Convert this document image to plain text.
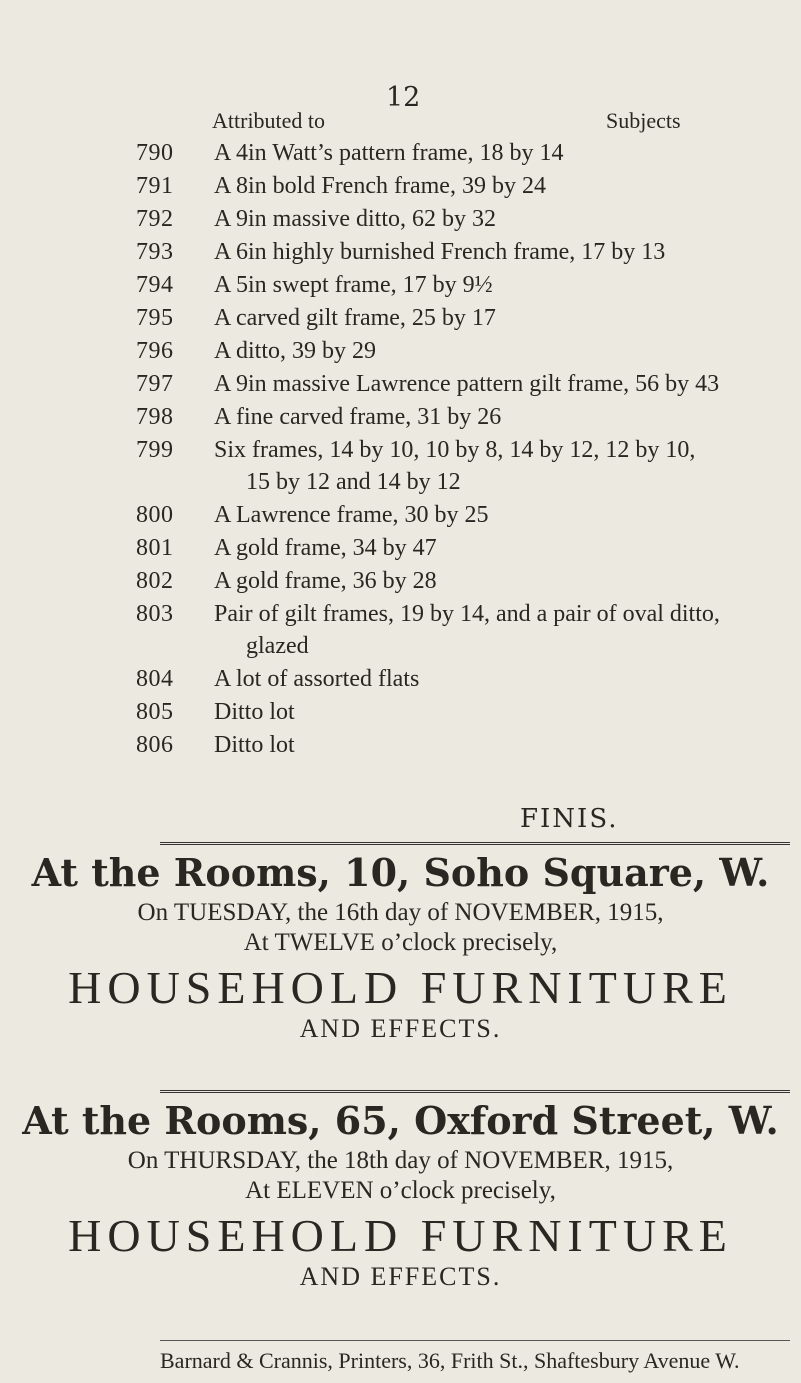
12
Attributed to	Subjects
790	A 4in Watt’s pattern frame, 18 by 14
791	A 8in bold French frame, 39 by 24
792	A 9in massive ditto, 62 by 32
793	A 6in highly burnished French frame, 17 by 13
794	A 5in swept frame, 17 by 9½
795	A carved gilt frame, 25 by 17
796	A ditto, 39 by 29
797	A 9in massive Lawrence pattern gilt frame, 56 by 43
798	A fine carved frame, 31 by 26
799	Six frames, 14 by 10, 10 by 8, 14 by 12, 12 by 10,
15 by 12 and 14 by 12
800	A Lawrence frame, 30 by 25
801	A gold frame, 34 by 47
802	A gold frame, 36 by 28
803	Pair of gilt frames, 19 by 14, and a pair of oval ditto,
glazed
804	A lot of assorted flats
805	Ditto lot
806	Ditto lot
FINIS.
At the Rooms, 10, Soho Square, W.
On TUESDAY, the 16th day of NOVEMBER, 1915,
At TWELVE o’clock precisely,
HOUSEHOLD FURNITURE
AND EFFECTS.
At the Rooms, 65, Oxford Street, W.
On THURSDAY, the 18th day of NOVEMBER, 1915,
At ELEVEN o’clock precisely,
HOUSEHOLD FURNITURE
AND EFFECTS.
Barnard & Crannis, Printers, 36, Frith St., Shaftesbury Avenue W.
